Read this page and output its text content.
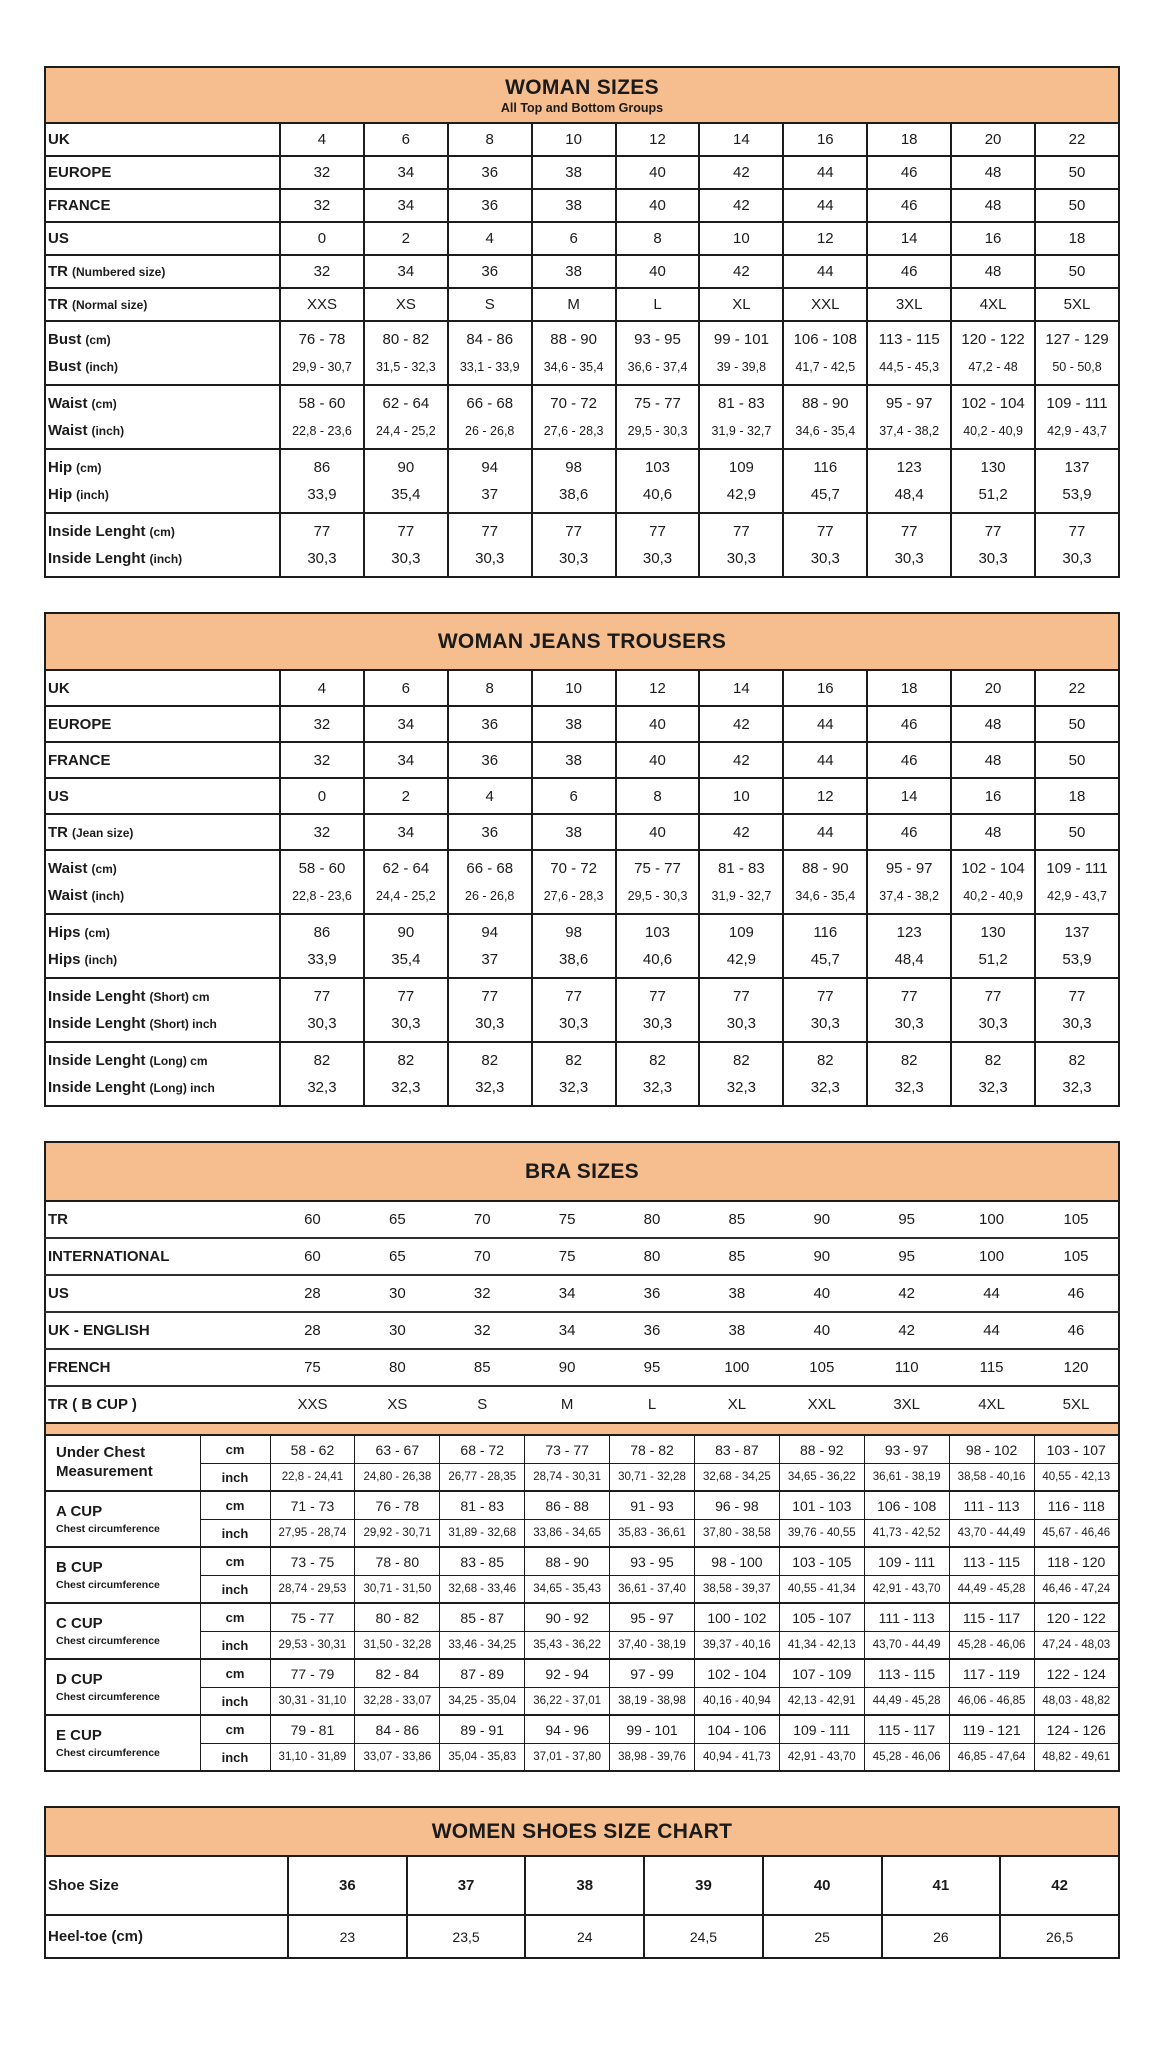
WOMAN SIZES
All Top and Bottom Groups
UK	4	6	8	10	12	14	16	18	20	22
EUROPE	32	34	36	38	40	42	44	46	48	50
FRANCE	32	34	36	38	40	42	44	46	48	50
US	0	2	4	6	8	10	12	14	16	18
TR (Numbered size)	32	34	36	38	40	42	44	46	48	50
TR (Normal size)	XXS	XS	S	M	L	XL	XXL	3XL	4XL	5XL
Bust (cm)	76 - 78	80 - 82	84 - 86	88 - 90	93 - 95	99 - 101	106 - 108	113 - 115	120 - 122	127 - 129
Bust (inch)	29,9 - 30,7	31,5 - 32,3	33,1 - 33,9	34,6 - 35,4	36,6 - 37,4	39 - 39,8	41,7 - 42,5	44,5 - 45,3	47,2 - 48	50 - 50,8
Waist (cm)	58 - 60	62 - 64	66 - 68	70 - 72	75 - 77	81 - 83	88 - 90	95 - 97	102 - 104	109 - 111
Waist (inch)	22,8 - 23,6	24,4 - 25,2	26 - 26,8	27,6 - 28,3	29,5 - 30,3	31,9 - 32,7	34,6 - 35,4	37,4 - 38,2	40,2 - 40,9	42,9 - 43,7
Hip (cm)	86	90	94	98	103	109	116	123	130	137
Hip (inch)	33,9	35,4	37	38,6	40,6	42,9	45,7	48,4	51,2	53,9
Inside Lenght (cm)	77	77	77	77	77	77	77	77	77	77
Inside Lenght (inch)	30,3	30,3	30,3	30,3	30,3	30,3	30,3	30,3	30,3	30,3
WOMAN JEANS TROUSERS
UK	4	6	8	10	12	14	16	18	20	22
EUROPE	32	34	36	38	40	42	44	46	48	50
FRANCE	32	34	36	38	40	42	44	46	48	50
US	0	2	4	6	8	10	12	14	16	18
TR (Jean size)	32	34	36	38	40	42	44	46	48	50
Waist (cm)	58 - 60	62 - 64	66 - 68	70 - 72	75 - 77	81 - 83	88 - 90	95 - 97	102 - 104	109 - 111
Waist (inch)	22,8 - 23,6	24,4 - 25,2	26 - 26,8	27,6 - 28,3	29,5 - 30,3	31,9 - 32,7	34,6 - 35,4	37,4 - 38,2	40,2 - 40,9	42,9 - 43,7
Hips (cm)	86	90	94	98	103	109	116	123	130	137
Hips (inch)	33,9	35,4	37	38,6	40,6	42,9	45,7	48,4	51,2	53,9
Inside Lenght (Short) cm	77	77	77	77	77	77	77	77	77	77
Inside Lenght (Short) inch	30,3	30,3	30,3	30,3	30,3	30,3	30,3	30,3	30,3	30,3
Inside Lenght (Long) cm	82	82	82	82	82	82	82	82	82	82
Inside Lenght (Long) inch	32,3	32,3	32,3	32,3	32,3	32,3	32,3	32,3	32,3	32,3
BRA SIZES
TR		60	65	70	75	80	85	90	95	100	105
INTERNATIONAL		60	65	70	75	80	85	90	95	100	105
US		28	30	32	34	36	38	40	42	44	46
UK - ENGLISH		28	30	32	34	36	38	40	42	44	46
FRENCH		75	80	85	90	95	100	105	110	115	120
TR ( B CUP )		XXS	XS	S	M	L	XL	XXL	3XL	4XL	5XL

Under Chest Measurement	cm	58 - 62	63 - 67	68 - 72	73 - 77	78 - 82	83 - 87	88 - 92	93 - 97	98 - 102	103 - 107
	inch	22,8 - 24,41	24,80 - 26,38	26,77 - 28,35	28,74 - 30,31	30,71 - 32,28	32,68 - 34,25	34,65 - 36,22	36,61 - 38,19	38,58 - 40,16	40,55 - 42,13

A CUP
Chest circumference	cm	71 - 73	76 - 78	81 - 83	86 - 88	91 - 93	96 - 98	101 - 103	106 - 108	111 - 113	116 - 118
	inch	27,95 - 28,74	29,92 - 30,71	31,89 - 32,68	33,86 - 34,65	35,83 - 36,61	37,80 - 38,58	39,76 - 40,55	41,73 - 42,52	43,70 - 44,49	45,67 - 46,46

B CUP
Chest circumference	cm	73 - 75	78 - 80	83 - 85	88 - 90	93 - 95	98 - 100	103 - 105	109 - 111	113 - 115	118 - 120
	inch	28,74 - 29,53	30,71 - 31,50	32,68 - 33,46	34,65 - 35,43	36,61 - 37,40	38,58 - 39,37	40,55 - 41,34	42,91 - 43,70	44,49 - 45,28	46,46 - 47,24

C CUP
Chest circumference	cm	75 - 77	80 - 82	85 - 87	90 - 92	95 - 97	100 - 102	105 - 107	111 - 113	115 - 117	120 - 122
	inch	29,53 - 30,31	31,50 - 32,28	33,46 - 34,25	35,43 - 36,22	37,40 - 38,19	39,37 - 40,16	41,34 - 42,13	43,70 - 44,49	45,28 - 46,06	47,24 - 48,03

D CUP
Chest circumference	cm	77 - 79	82 - 84	87 - 89	92 - 94	97 - 99	102 - 104	107 - 109	113 - 115	117 - 119	122 - 124
	inch	30,31 - 31,10	32,28 - 33,07	34,25 - 35,04	36,22 - 37,01	38,19 - 38,98	40,16 - 40,94	42,13 - 42,91	44,49 - 45,28	46,06 - 46,85	48,03 - 48,82

E CUP
Chest circumference	cm	79 - 81	84 - 86	89 - 91	94 - 96	99 - 101	104 - 106	109 - 111	115 - 117	119 - 121	124 - 126
	inch	31,10 - 31,89	33,07 - 33,86	35,04 - 35,83	37,01 - 37,80	38,98 - 39,76	40,94 - 41,73	42,91 - 43,70	45,28 - 46,06	46,85 - 47,64	48,82 - 49,61
WOMEN SHOES SIZE CHART
Shoe Size	36	37	38	39	40	41	42
Heel-toe (cm)	23	23,5	24	24,5	25	26	26,5
